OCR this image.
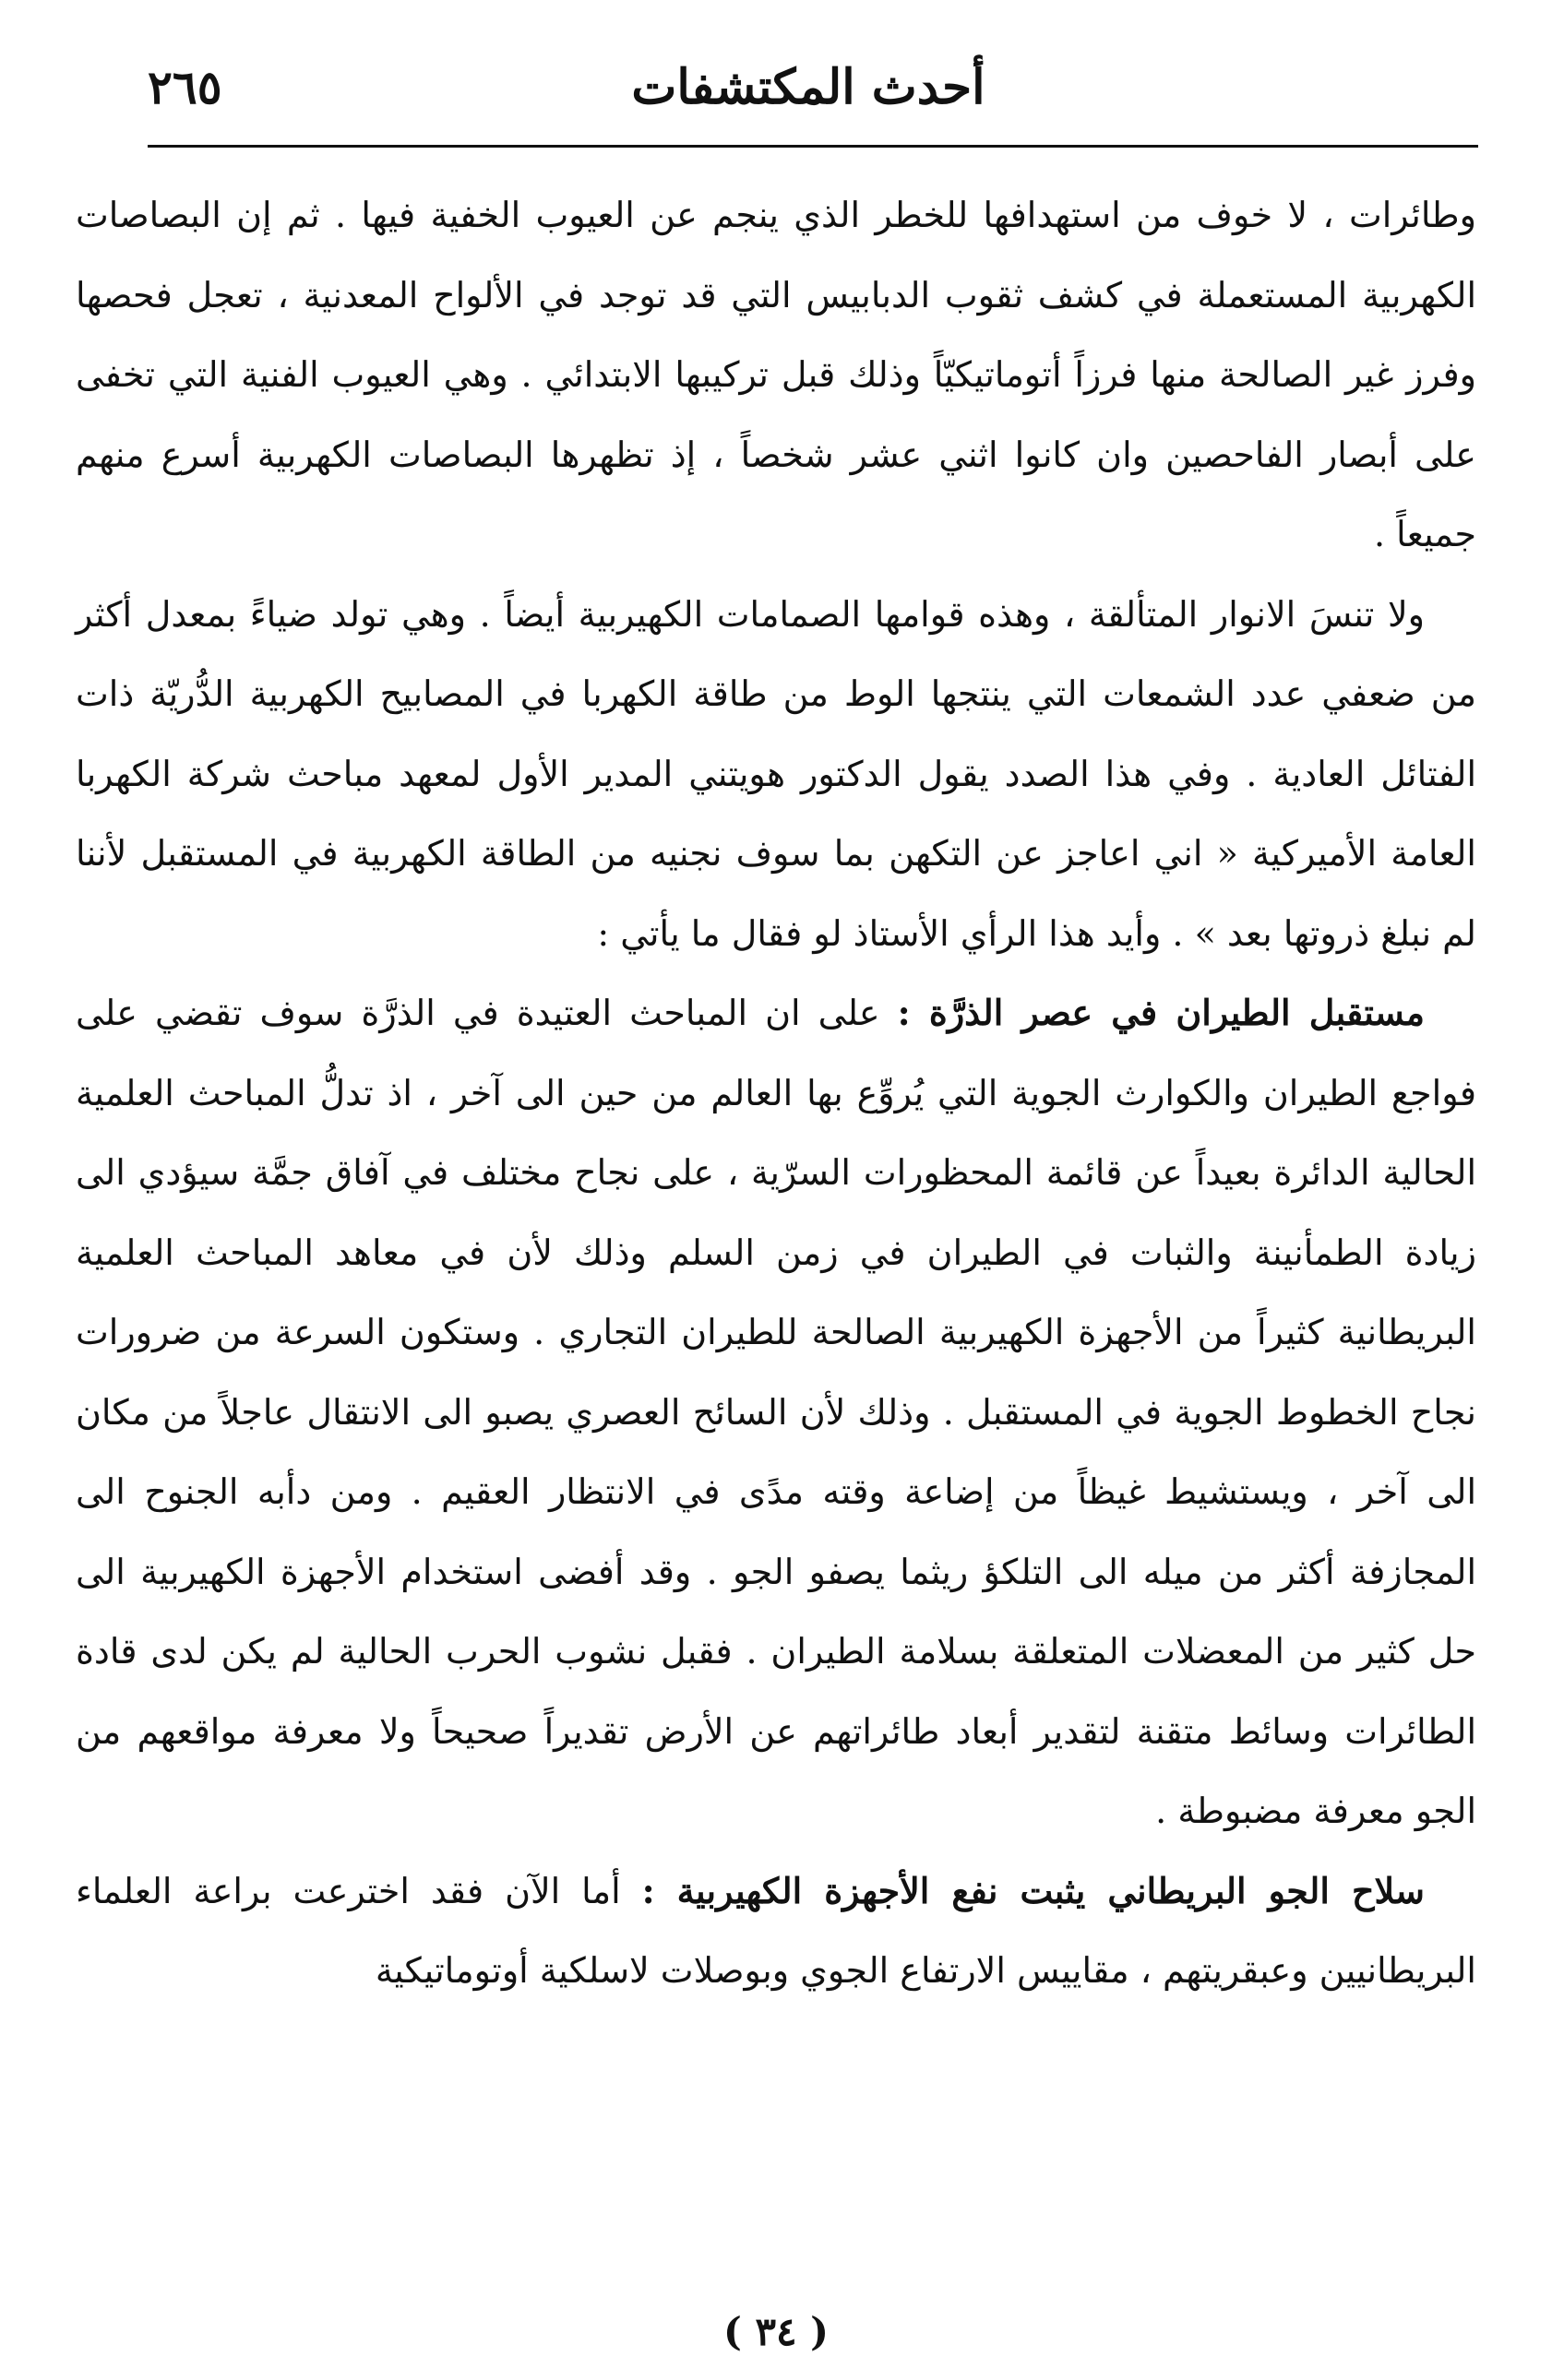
أحدث المكتشفات
٢٦٥

وطائرات ، لا خوف من استهدافها للخطر الذي ينجم عن العيوب الخفية فيها . ثم إن البصاصات الكهربية المستعملة في كشف ثقوب الدبابيس التي قد توجد في الألواح المعدنية ، تعجل فحصها وفرز غير الصالحة منها فرزاً أتوماتيكيّاً وذلك قبل تركيبها الابتدائي . وهي العيوب الفنية التي تخفى على أبصار الفاحصين وان كانوا اثني عشر شخصاً ، إذ تظهرها البصاصات الكهربية أسرع منهم جميعاً .

ولا تنسَ الانوار المتألقة ، وهذه قوامها الصمامات الكهيربية أيضاً . وهي تولد ضياءً بمعدل أكثر من ضعفي عدد الشمعات التي ينتجها الوط من طاقة الكهربا في المصابيح الكهربية الدُّريّة ذات الفتائل العادية . وفي هذا الصدد يقول الدكتور هويتني المدير الأول لمعهد مباحث شركة الكهربا العامة الأميركية « اني اعاجز عن التكهن بما سوف نجنيه من الطاقة الكهربية في المستقبل لأننا لم نبلغ ذروتها بعد » . وأيد هذا الرأي الأستاذ لو فقال ما يأتي :

مستقبل الطيران في عصر الذرَّة : على ان المباحث العتيدة في الذرَّة سوف تقضي على فواجع الطيران والكوارث الجوية التي يُروِّع بها العالم من حين الى آخر ، اذ تدلُّ المباحث العلمية الحالية الدائرة بعيداً عن قائمة المحظورات السرّية ، على نجاح مختلف في آفاق جمَّة سيؤدي الى زيادة الطمأنينة والثبات في الطيران في زمن السلم وذلك لأن في معاهد المباحث العلمية البريطانية كثيراً من الأجهزة الكهيربية الصالحة للطيران التجاري . وستكون السرعة من ضرورات نجاح الخطوط الجوية في المستقبل . وذلك لأن السائح العصري يصبو الى الانتقال عاجلاً من مكان الى آخر ، ويستشيط غيظاً من إضاعة وقته مدًى في الانتظار العقيم . ومن دأبه الجنوح الى المجازفة أكثر من ميله الى التلكؤ ريثما يصفو الجو . وقد أفضى استخدام الأجهزة الكهيربية الى حل كثير من المعضلات المتعلقة بسلامة الطيران . فقبل نشوب الحرب الحالية لم يكن لدى قادة الطائرات وسائط متقنة لتقدير أبعاد طائراتهم عن الأرض تقديراً صحيحاً ولا معرفة مواقعهم من الجو معرفة مضبوطة .

سلاح الجو البريطاني يثبت نفع الأجهزة الكهيربية : أما الآن فقد اخترعت براعة العلماء البريطانيين وعبقريتهم ، مقاييس الارتفاع الجوي وبوصلات لاسلكية أوتوماتيكية

( ٣٤ )
